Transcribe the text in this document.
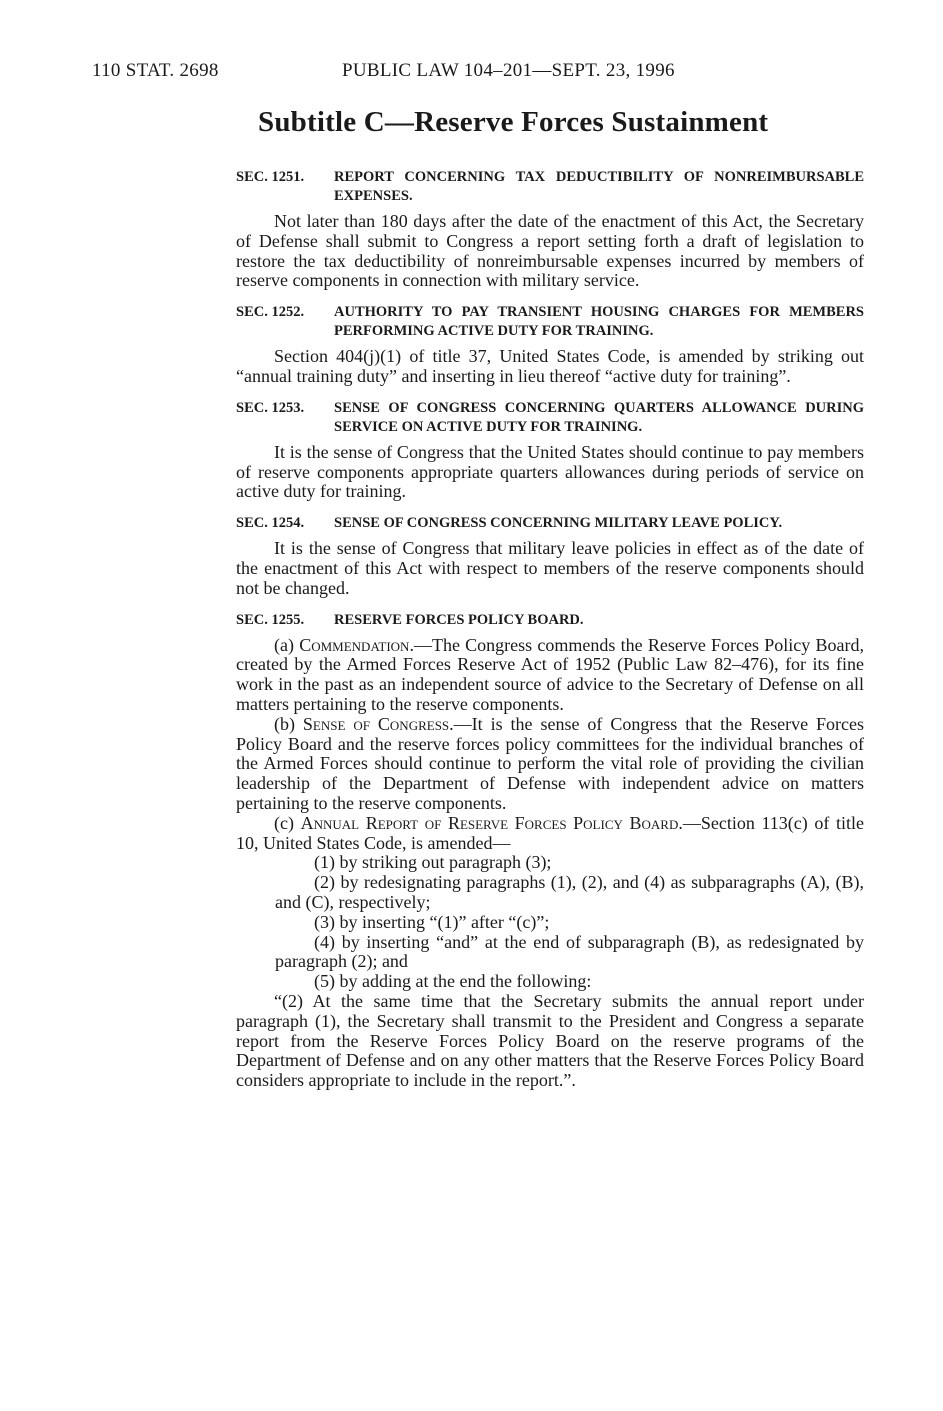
110 STAT. 2698	PUBLIC LAW 104–201—SEPT. 23, 1996
Subtitle C—Reserve Forces Sustainment
SEC. 1251. REPORT CONCERNING TAX DEDUCTIBILITY OF NONREIMBURSABLE EXPENSES.

Not later than 180 days after the date of the enactment of this Act, the Secretary of Defense shall submit to Congress a report setting forth a draft of legislation to restore the tax deductibility of nonreimbursable expenses incurred by members of reserve components in connection with military service.

SEC. 1252. AUTHORITY TO PAY TRANSIENT HOUSING CHARGES FOR MEMBERS PERFORMING ACTIVE DUTY FOR TRAINING.

Section 404(j)(1) of title 37, United States Code, is amended by striking out “annual training duty” and inserting in lieu thereof “active duty for training”.

SEC. 1253. SENSE OF CONGRESS CONCERNING QUARTERS ALLOWANCE DURING SERVICE ON ACTIVE DUTY FOR TRAINING.

It is the sense of Congress that the United States should continue to pay members of reserve components appropriate quarters allowances during periods of service on active duty for training.

SEC. 1254. SENSE OF CONGRESS CONCERNING MILITARY LEAVE POLICY.

It is the sense of Congress that military leave policies in effect as of the date of the enactment of this Act with respect to members of the reserve components should not be changed.

SEC. 1255. RESERVE FORCES POLICY BOARD.

(a) Commendation.—The Congress commends the Reserve Forces Policy Board, created by the Armed Forces Reserve Act of 1952 (Public Law 82–476), for its fine work in the past as an independent source of advice to the Secretary of Defense on all matters pertaining to the reserve components.

(b) Sense of Congress.—It is the sense of Congress that the Reserve Forces Policy Board and the reserve forces policy committees for the individual branches of the Armed Forces should continue to perform the vital role of providing the civilian leadership of the Department of Defense with independent advice on matters pertaining to the reserve components.

(c) Annual Report of Reserve Forces Policy Board.—Section 113(c) of title 10, United States Code, is amended—

(1) by striking out paragraph (3);

(2) by redesignating paragraphs (1), (2), and (4) as subparagraphs (A), (B), and (C), respectively;

(3) by inserting “(1)” after “(c)”;

(4) by inserting “and” at the end of subparagraph (B), as redesignated by paragraph (2); and

(5) by adding at the end the following:

“(2) At the same time that the Secretary submits the annual report under paragraph (1), the Secretary shall transmit to the President and Congress a separate report from the Reserve Forces Policy Board on the reserve programs of the Department of Defense and on any other matters that the Reserve Forces Policy Board considers appropriate to include in the report.”.
